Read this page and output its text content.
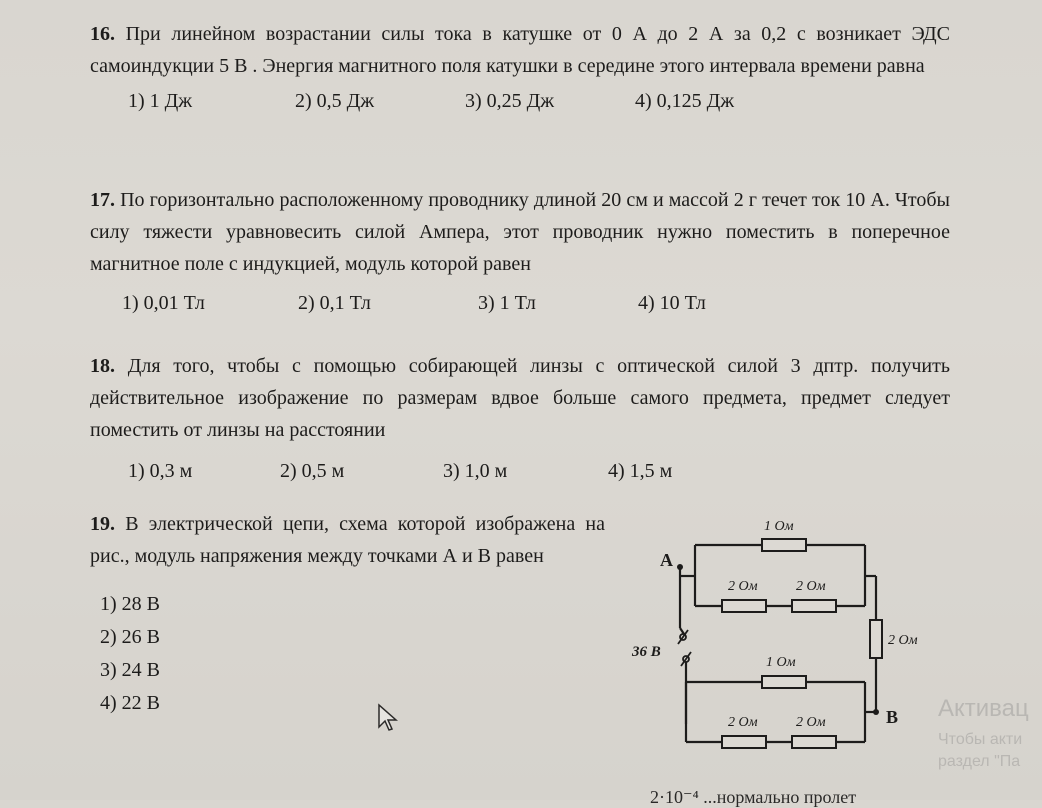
16. При линейном возрастании силы тока в катушке от 0 А до 2 А за 0,2 с возникает ЭДС самоиндукции 5 В . Энергия магнитного поля катушки в середине этого интервала времени равна

1) 1 Дж	2) 0,5 Дж	3) 0,25 Дж	4) 0,125 Дж

17. По горизонтально расположенному проводнику длиной 20 см и массой 2 г течет ток 10 А. Чтобы силу тяжести уравновесить силой Ампера, этот проводник нужно поместить в поперечное магнитное поле с индукцией, модуль которой равен

1) 0,01 Тл	2) 0,1 Тл	3) 1 Тл	4) 10 Тл

18. Для того, чтобы с помощью собирающей линзы с оптической силой 3 дптр. получить действительное изображение по размерам вдвое больше самого предмета, предмет следует поместить от линзы на расстоянии

1) 0,3 м	2) 0,5 м	3) 1,0 м	4) 1,5 м

19. В электрической цепи, схема которой изображена на рис., модуль напряжения между точками А и В равен

1) 28 В
2) 26 В
3) 24 В
4) 22 В
A
B
36 В
1 Ом
2 Ом	2 Ом
2 Ом
1 Ом
2 Ом	2 Ом
Активац
Чтобы акти
раздел "Па
2·10⁻⁴ ...нормально пролет
